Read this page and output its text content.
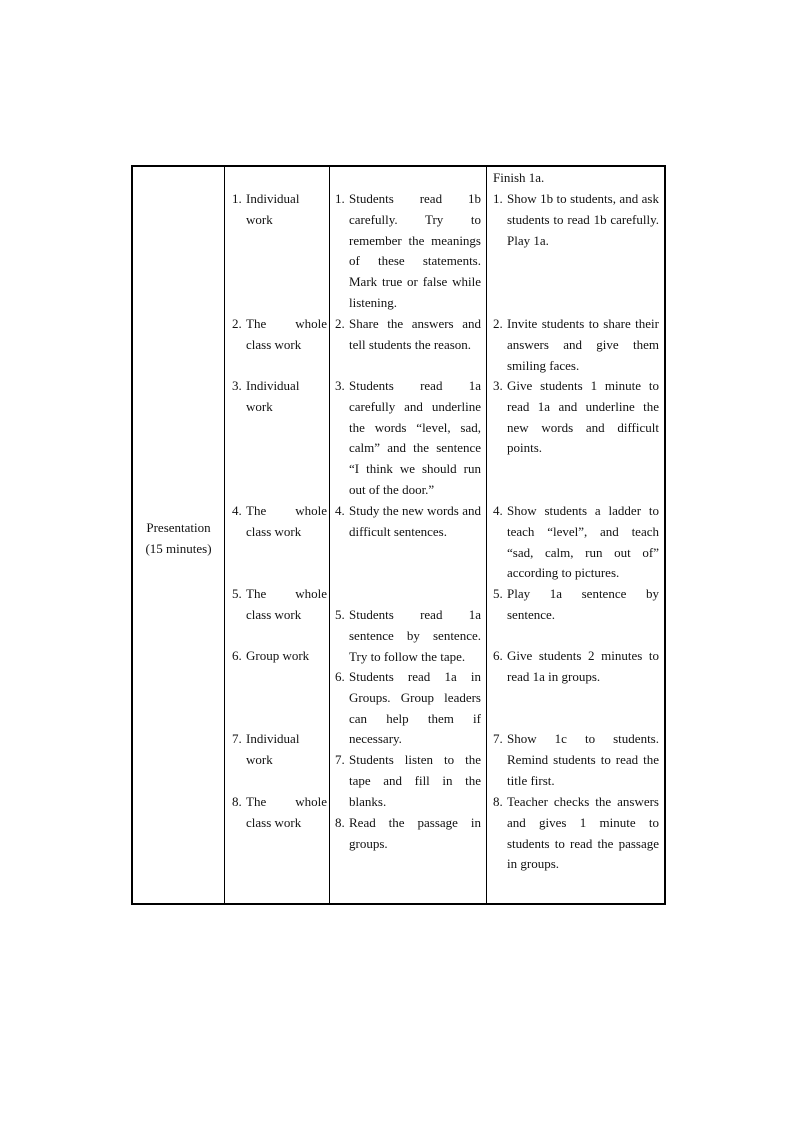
Presentation
(15 minutes)
1. Individual work
2. The whole class work
3. Individual work
4. The whole class work
5. The whole class work
6. Group work
7. Individual work
8. The whole class work
1. Students read 1b carefully. Try to remember the meanings of these statements. Mark true or false while listening.
2. Share the answers and tell students the reason.
3. Students read 1a carefully and underline the words “level, sad, calm” and the sentence “I think we should run out of the door.”
4. Study the new words and difficult sentences.
5. Students read 1a sentence by sentence. Try to follow the tape.
6. Students read 1a in Groups. Group leaders can help them if necessary.
7. Students listen to the tape and fill in the blanks.
8. Read the passage in groups.
Finish 1a.
1. Show 1b to students, and ask students to read 1b carefully. Play 1a.
2. Invite students to share their answers and give them smiling faces.
3. Give students 1 minute to read 1a and underline the new words and difficult points.
4. Show students a ladder to teach “level”, and teach “sad, calm, run out of” according to pictures.
5. Play 1a sentence by sentence.
6. Give students 2 minutes to read 1a in groups.
7. Show 1c to students. Remind students to read the title first.
8. Teacher checks the answers and gives 1 minute to students to read the passage in groups.
